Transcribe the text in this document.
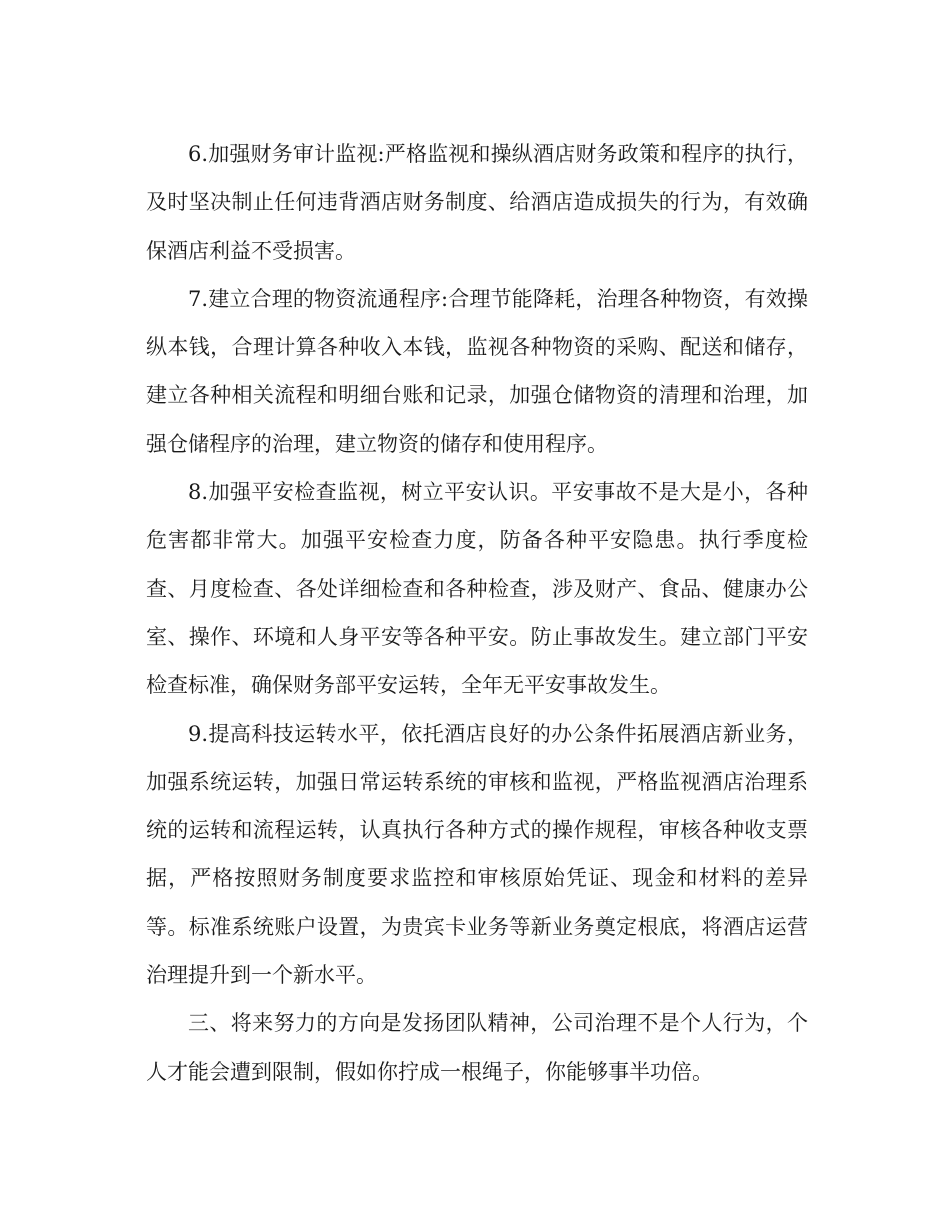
6.加强财务审计监视:严格监视和操纵酒店财务政策和程序的执行，及时坚决制止任何违背酒店财务制度、给酒店造成损失的行为，有效确保酒店利益不受损害。

7.建立合理的物资流通程序:合理节能降耗，治理各种物资，有效操纵本钱，合理计算各种收入本钱，监视各种物资的采购、配送和储存，建立各种相关流程和明细台账和记录，加强仓储物资的清理和治理，加强仓储程序的治理，建立物资的储存和使用程序。

8.加强平安检查监视，树立平安认识。平安事故不是大是小，各种危害都非常大。加强平安检查力度，防备各种平安隐患。执行季度检查、月度检查、各处详细检查和各种检查，涉及财产、食品、健康办公室、操作、环境和人身平安等各种平安。防止事故发生。建立部门平安检查标准，确保财务部平安运转，全年无平安事故发生。

9.提高科技运转水平，依托酒店良好的办公条件拓展酒店新业务，加强系统运转，加强日常运转系统的审核和监视，严格监视酒店治理系统的运转和流程运转，认真执行各种方式的操作规程，审核各种收支票据，严格按照财务制度要求监控和审核原始凭证、现金和材料的差异等。标准系统账户设置，为贵宾卡业务等新业务奠定根底，将酒店运营治理提升到一个新水平。

三、将来努力的方向是发扬团队精神，公司治理不是个人行为，个人才能会遭到限制，假如你拧成一根绳子，你能够事半功倍。
